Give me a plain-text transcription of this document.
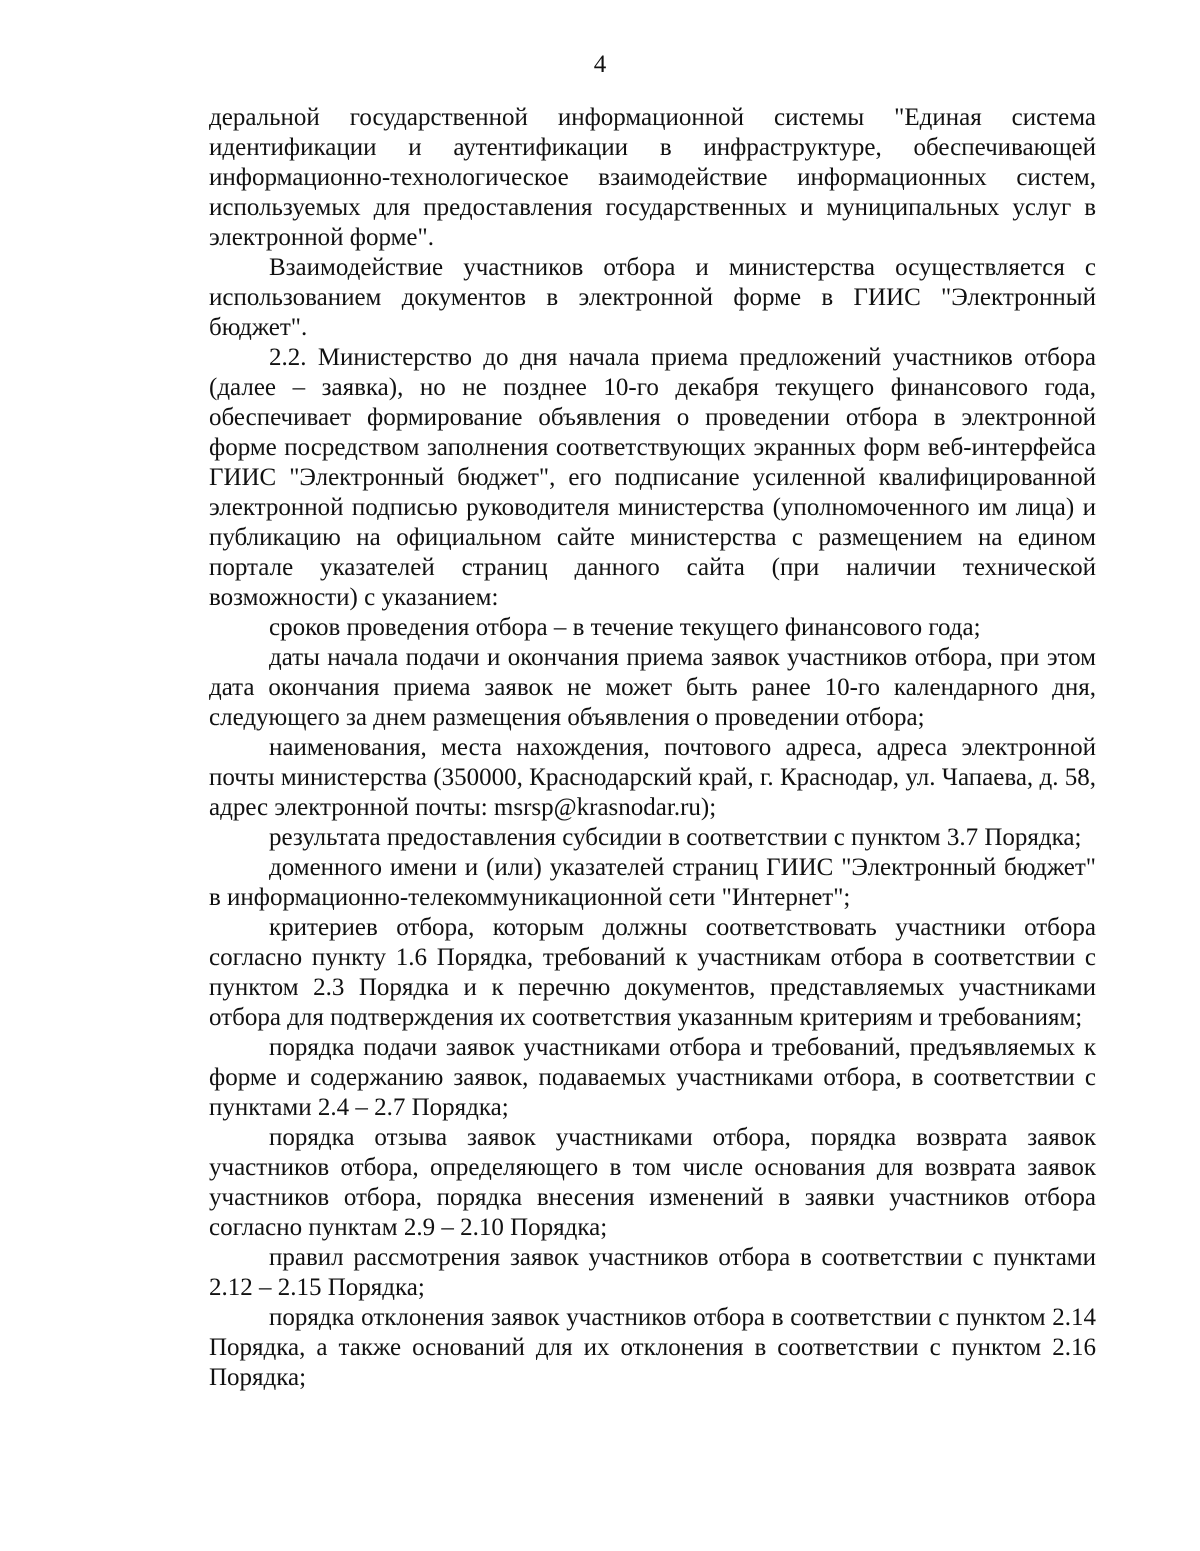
4

деральной государственной информационной системы "Единая система идентификации и аутентификации в инфраструктуре, обеспечивающей информационно-технологическое взаимодействие информационных систем, используемых для предоставления государственных и муниципальных услуг в электронной форме".

Взаимодействие участников отбора и министерства осуществляется с использованием документов в электронной форме в ГИИС "Электронный бюджет".

2.2. Министерство до дня начала приема предложений участников отбора (далее – заявка), но не позднее 10-го декабря текущего финансового года, обеспечивает формирование объявления о проведении отбора в электронной форме посредством заполнения соответствующих экранных форм веб-интерфейса ГИИС "Электронный бюджет", его подписание усиленной квалифицированной электронной подписью руководителя министерства (уполномоченного им лица) и публикацию на официальном сайте министерства с размещением на едином портале указателей страниц данного сайта (при наличии технической возможности) с указанием:

сроков проведения отбора – в течение текущего финансового года;

даты начала подачи и окончания приема заявок участников отбора, при этом дата окончания приема заявок не может быть ранее 10-го календарного дня, следующего за днем размещения объявления о проведении отбора;

наименования, места нахождения, почтового адреса, адреса электронной почты министерства (350000, Краснодарский край, г. Краснодар, ул. Чапаева, д. 58, адрес электронной почты: msrsp@krasnodar.ru);

результата предоставления субсидии в соответствии с пунктом 3.7 Порядка;

доменного имени и (или) указателей страниц ГИИС "Электронный бюджет" в информационно-телекоммуникационной сети "Интернет";

критериев отбора, которым должны соответствовать участники отбора согласно пункту 1.6 Порядка, требований к участникам отбора в соответствии с пунктом 2.3 Порядка и к перечню документов, представляемых участниками отбора для подтверждения их соответствия указанным критериям и требованиям;

порядка подачи заявок участниками отбора и требований, предъявляемых к форме и содержанию заявок, подаваемых участниками отбора, в соответствии с пунктами 2.4 – 2.7 Порядка;

порядка отзыва заявок участниками отбора, порядка возврата заявок участников отбора, определяющего в том числе основания для возврата заявок участников отбора, порядка внесения изменений в заявки участников отбора согласно пунктам 2.9 – 2.10 Порядка;

правил рассмотрения заявок участников отбора в соответствии с пунктами 2.12 – 2.15 Порядка;

порядка отклонения заявок участников отбора в соответствии с пунктом 2.14 Порядка, а также оснований для их отклонения в соответствии с пунктом 2.16 Порядка;
